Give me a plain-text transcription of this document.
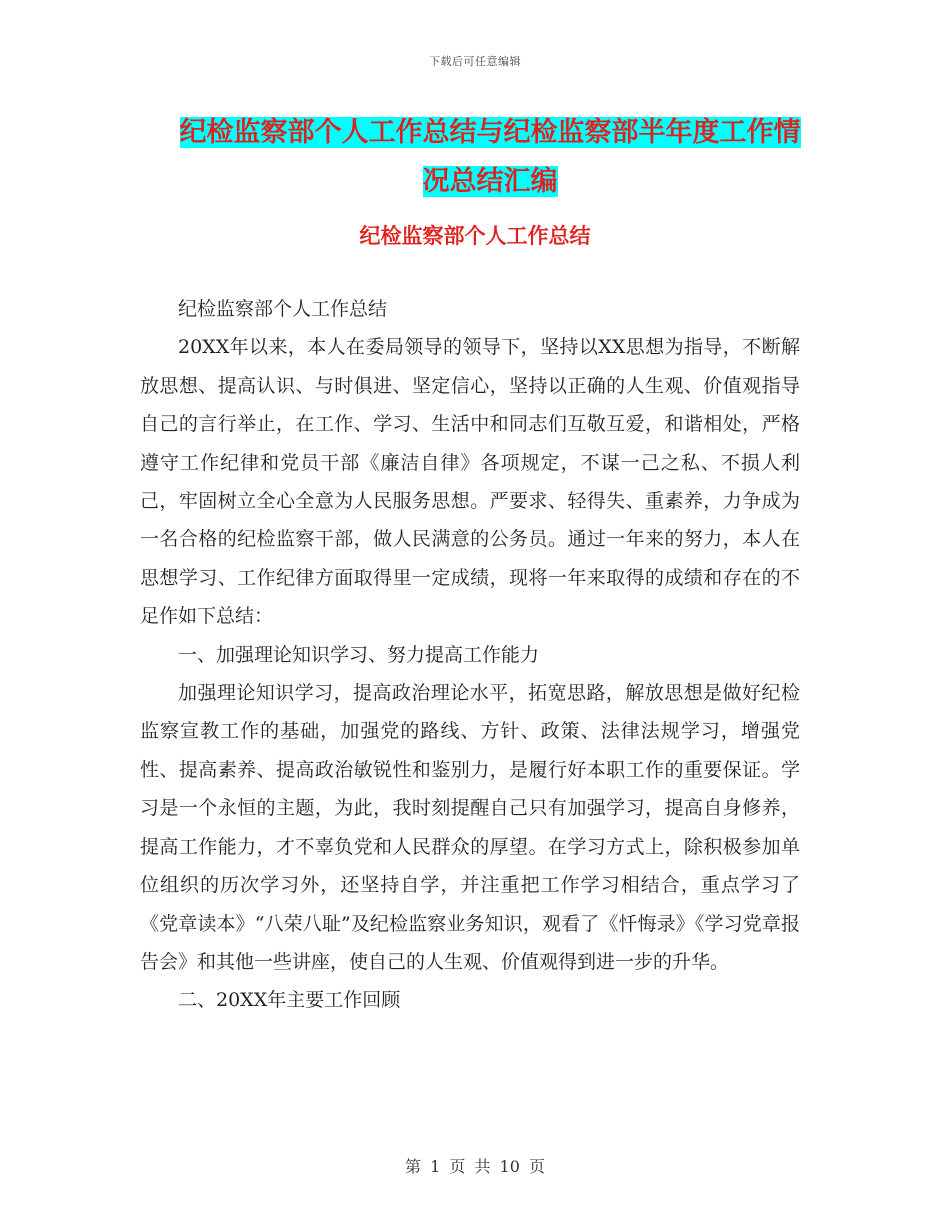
下载后可任意编辑
纪检监察部个人工作总结与纪检监察部半年度工作情
况总结汇编
纪检监察部个人工作总结

纪检监察部个人工作总结

20XX年以来，本人在委局领导的领导下，坚持以XX思想为指导，不断解放思想、提高认识、与时俱进、坚定信心，坚持以正确的人生观、价值观指导自己的言行举止，在工作、学习、生活中和同志们互敬互爱，和谐相处，严格遵守工作纪律和党员干部《廉洁自律》各项规定，不谋一己之私、不损人利己，牢固树立全心全意为人民服务思想。严要求、轻得失、重素养，力争成为一名合格的纪检监察干部，做人民满意的公务员。通过一年来的努力，本人在思想学习、工作纪律方面取得里一定成绩，现将一年来取得的成绩和存在的不足作如下总结：

一、加强理论知识学习、努力提高工作能力

加强理论知识学习，提高政治理论水平，拓宽思路，解放思想是做好纪检监察宣教工作的基础，加强党的路线、方针、政策、法律法规学习，增强党性、提高素养、提高政治敏锐性和鉴别力，是履行好本职工作的重要保证。学习是一个永恒的主题，为此，我时刻提醒自己只有加强学习，提高自身修养，提高工作能力，才不辜负党和人民群众的厚望。在学习方式上，除积极参加单位组织的历次学习外，还坚持自学，并注重把工作学习相结合，重点学习了《党章读本》“八荣八耻”及纪检监察业务知识，观看了《忏悔录》《学习党章报告会》和其他一些讲座，使自己的人生观、价值观得到进一步的升华。

二、20XX年主要工作回顾

第 1 页 共 10 页
